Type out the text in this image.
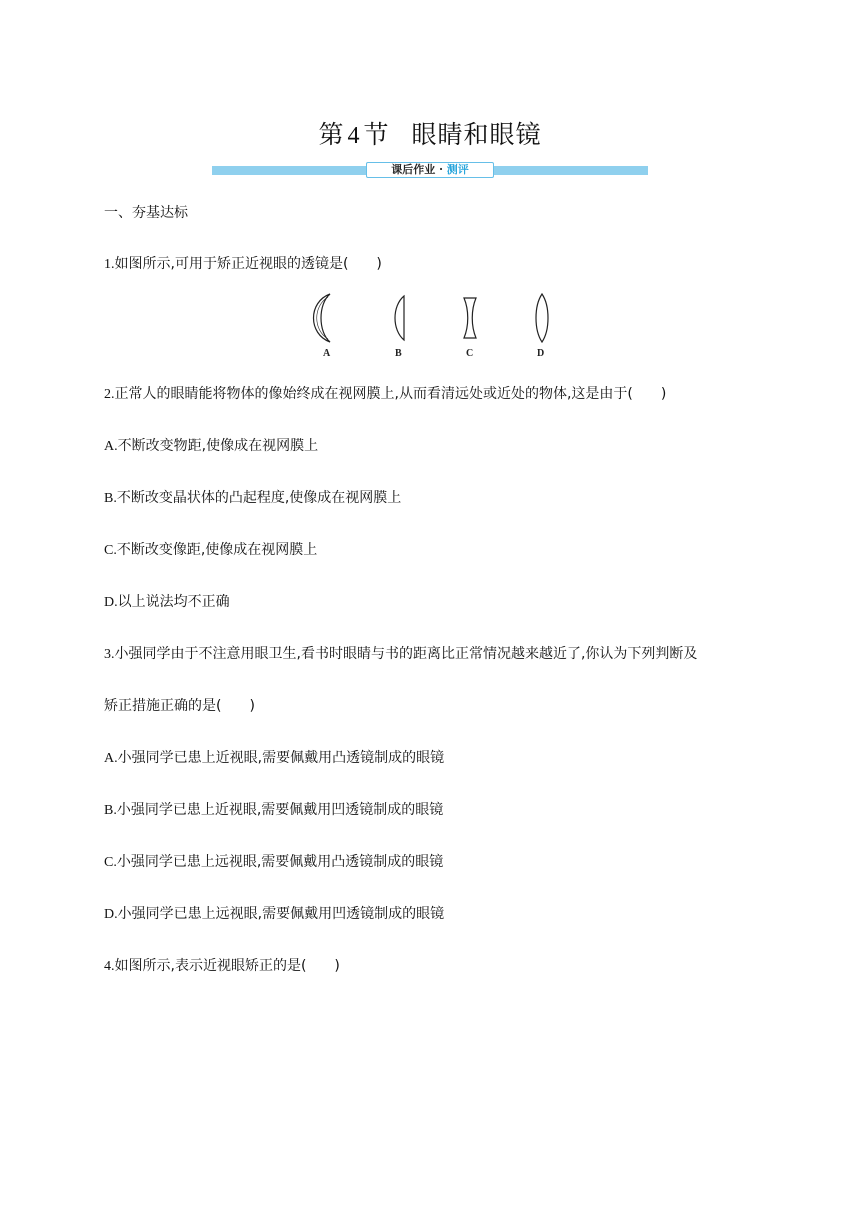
第 4 节 眼睛和眼镜
课后作业 · 测评
一、夯基达标
1.如图所示,可用于矫正近视眼的透镜是(　　)
A	B	C	D
2.正常人的眼睛能将物体的像始终成在视网膜上,从而看清远处或近处的物体,这是由于(　　)
A.不断改变物距,使像成在视网膜上
B.不断改变晶状体的凸起程度,使像成在视网膜上
C.不断改变像距,使像成在视网膜上
D.以上说法均不正确
3.小强同学由于不注意用眼卫生,看书时眼睛与书的距离比正常情况越来越近了,你认为下列判断及
矫正措施正确的是(　　)
A.小强同学已患上近视眼,需要佩戴用凸透镜制成的眼镜
B.小强同学已患上近视眼,需要佩戴用凹透镜制成的眼镜
C.小强同学已患上远视眼,需要佩戴用凸透镜制成的眼镜
D.小强同学已患上远视眼,需要佩戴用凹透镜制成的眼镜
4.如图所示,表示近视眼矫正的是(　　)
